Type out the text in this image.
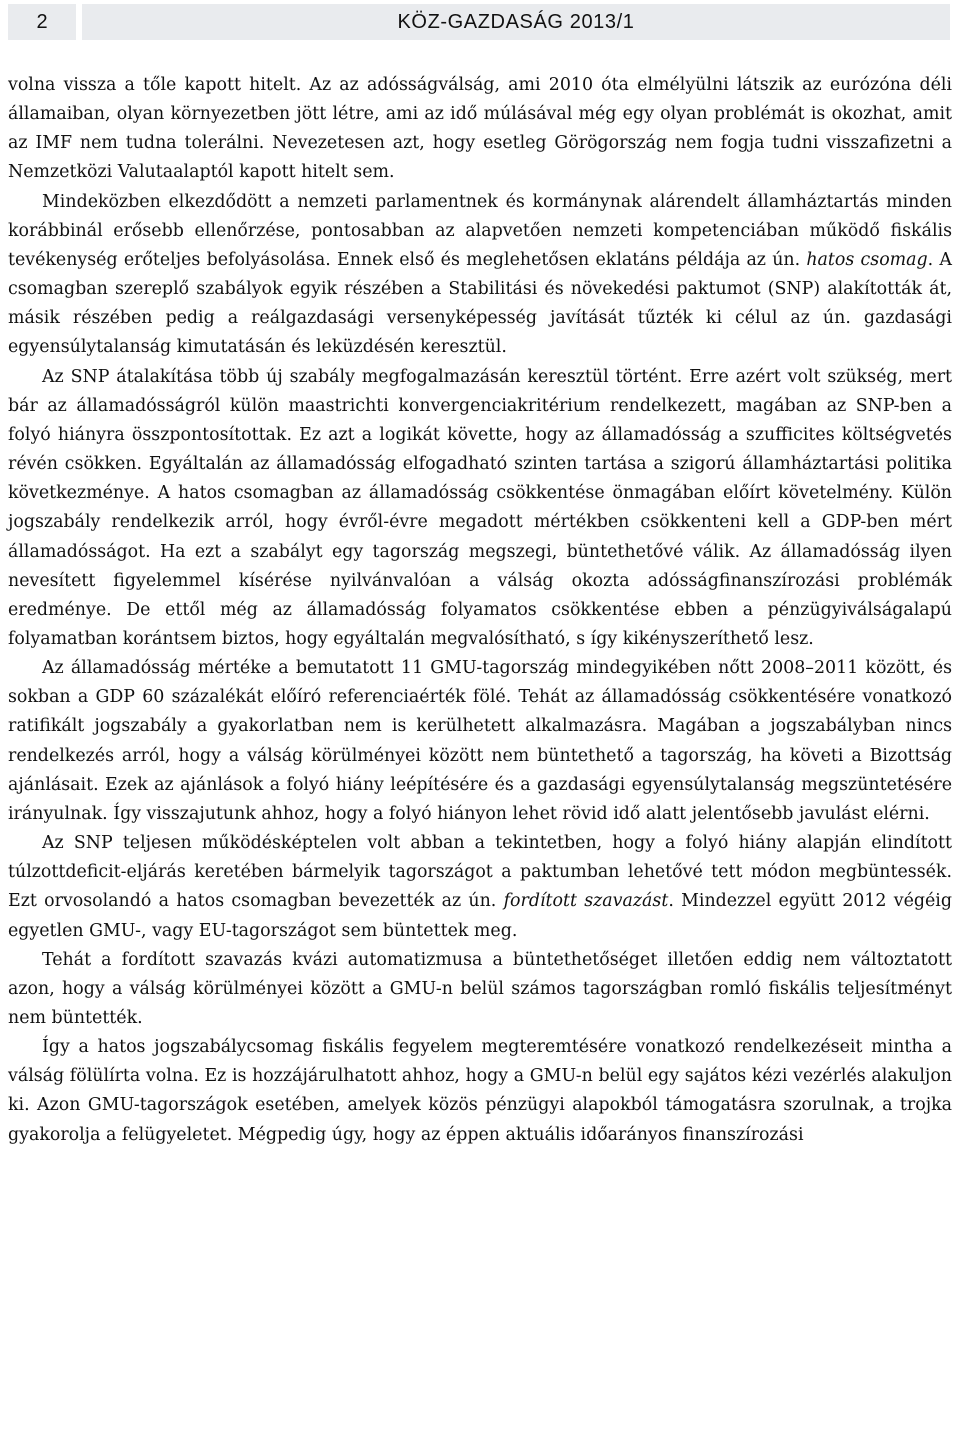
2	KÖZ-GAZDASÁG 2013/1

volna vissza a tőle kapott hitelt. Az az adósságválság, ami 2010 óta elmélyülni látszik az eurózóna déli államaiban, olyan környezetben jött létre, ami az idő múlásával még egy olyan problémát is okozhat, amit az IMF nem tudna tolerálni. Nevezetesen azt, hogy esetleg Görögország nem fogja tudni visszafizetni a Nemzetközi Valutaalaptól kapott hitelt sem.

Mindeközben elkezdődött a nemzeti parlamentnek és kormánynak alárendelt államháztartás minden korábbinál erősebb ellenőrzése, pontosabban az alapvetően nemzeti kompetenciában működő fiskális tevékenység erőteljes befolyásolása. Ennek első és meglehetősen eklatáns példája az ún. hatos csomag. A csomagban szereplő szabályok egyik részében a Stabilitási és növekedési paktumot (SNP) alakították át, másik részében pedig a reálgazdasági versenyképesség javítását tűzték ki célul az ún. gazdasági egyensúlytalanság kimutatásán és leküzdésén keresztül.

Az SNP átalakítása több új szabály megfogalmazásán keresztül történt. Erre azért volt szükség, mert bár az államadósságról külön maastrichti konvergenciakritérium rendelkezett, magában az SNP-ben a folyó hiányra összpontosítottak. Ez azt a logikát követte, hogy az államadósság a szufficites költségvetés révén csökken. Egyáltalán az államadósság elfogadható szinten tartása a szigorú államháztartási politika következménye. A hatos csomagban az államadósság csökkentése önmagában előírt követelmény. Külön jogszabály rendelkezik arról, hogy évről-évre megadott mértékben csökkenteni kell a GDP-ben mért államadósságot. Ha ezt a szabályt egy tagország megszegi, büntethetővé válik. Az államadósság ilyen nevesített figyelemmel kísérése nyilvánvalóan a válság okozta adósságfinanszírozási problémák eredménye. De ettől még az államadósság folyamatos csökkentése ebben a pénzügyiválságalapú folyamatban korántsem biztos, hogy egyáltalán megvalósítható, s így kikényszeríthető lesz.

Az államadósság mértéke a bemutatott 11 GMU-tagország mindegyikében nőtt 2008–2011 között, és sokban a GDP 60 százalékát előíró referenciaérték fölé. Tehát az államadósság csökkentésére vonatkozó ratifikált jogszabály a gyakorlatban nem is kerülhetett alkalmazásra. Magában a jogszabályban nincs rendelkezés arról, hogy a válság körülményei között nem büntethető a tagország, ha követi a Bizottság ajánlásait. Ezek az ajánlások a folyó hiány leépítésére és a gazdasági egyensúlytalanság megszüntetésére irányulnak. Így visszajutunk ahhoz, hogy a folyó hiányon lehet rövid idő alatt jelentősebb javulást elérni.

Az SNP teljesen működésképtelen volt abban a tekintetben, hogy a folyó hiány alapján elindított túlzottdeficit-eljárás keretében bármelyik tagországot a paktumban lehetővé tett módon megbüntessék. Ezt orvosolandó a hatos csomagban bevezették az ún. fordított szavazást. Mindezzel együtt 2012 végéig egyetlen GMU-, vagy EU-tagországot sem büntettek meg.

Tehát a fordított szavazás kvázi automatizmusa a büntethetőséget illetően eddig nem változtatott azon, hogy a válság körülményei között a GMU-n belül számos tagországban romló fiskális teljesítményt nem büntették.

Így a hatos jogszabálycsomag fiskális fegyelem megteremtésére vonatkozó rendelkezéseit mintha a válság fölülírta volna. Ez is hozzájárulhatott ahhoz, hogy a GMU-n belül egy sajátos kézi vezérlés alakuljon ki. Azon GMU-tagországok esetében, amelyek közös pénzügyi alapokból támogatásra szorulnak, a trojka gyakorolja a felügyeletet. Mégpedig úgy, hogy az éppen aktuális időarányos finanszírozási
